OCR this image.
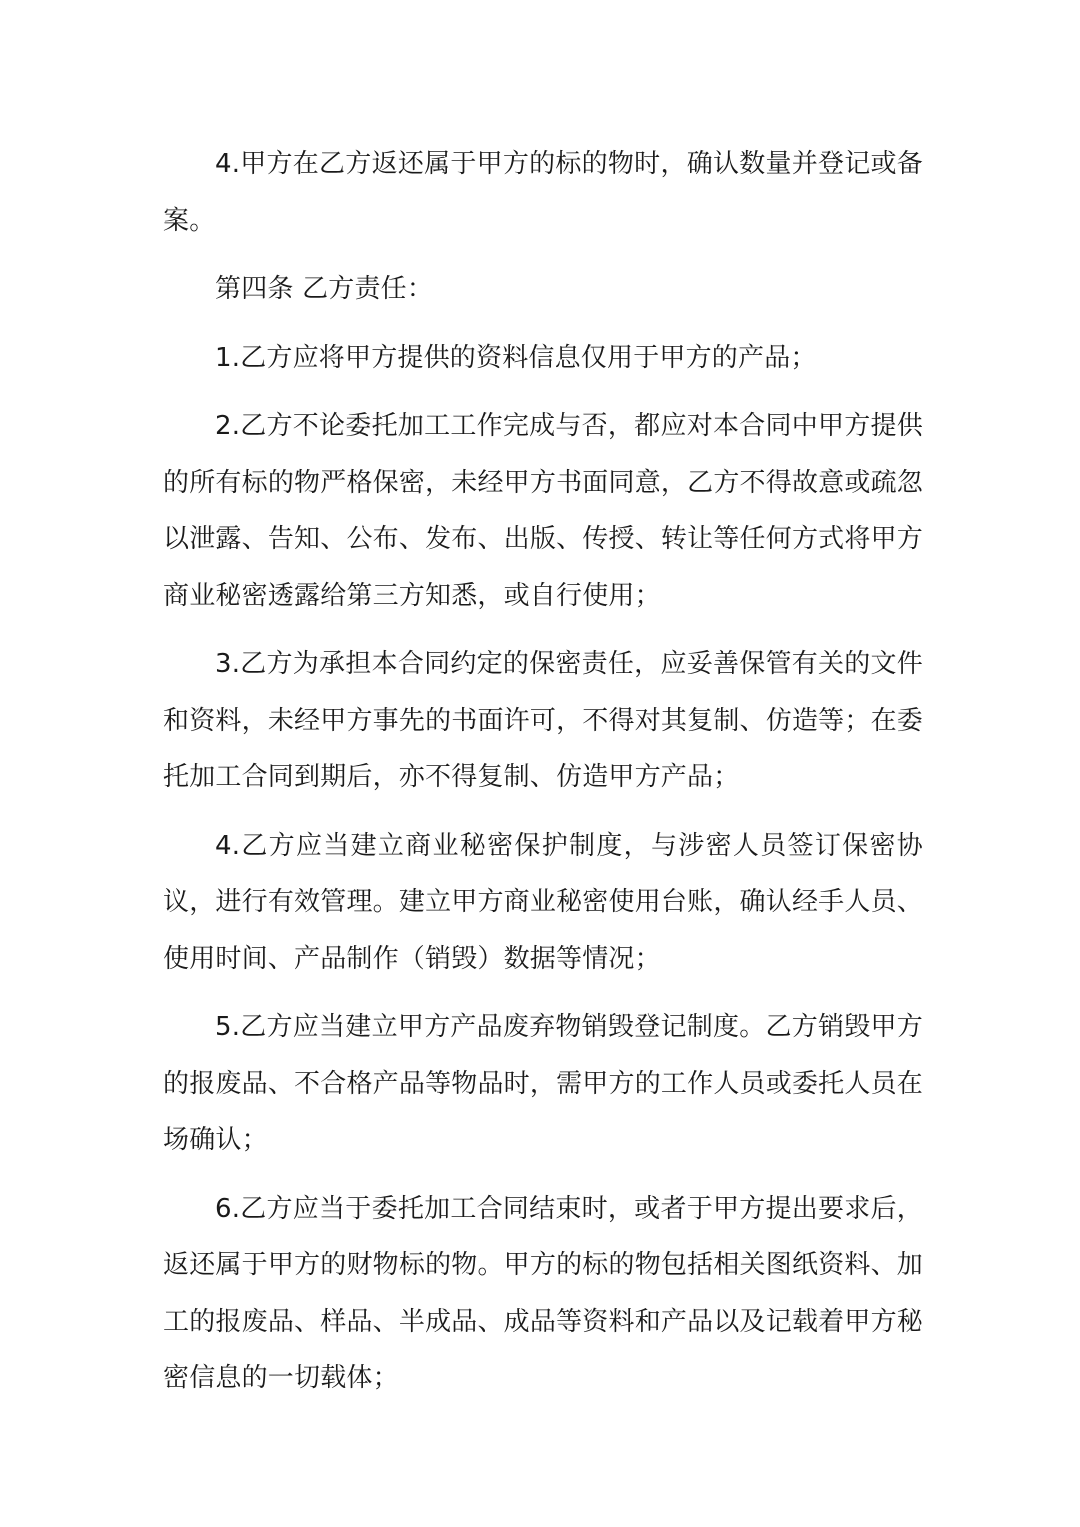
4.甲方在乙方返还属于甲方的标的物时，确认数量并登记或备案。

第四条 乙方责任：

1.乙方应将甲方提供的资料信息仅用于甲方的产品；

2.乙方不论委托加工工作完成与否，都应对本合同中甲方提供的所有标的物严格保密，未经甲方书面同意，乙方不得故意或疏忽以泄露、告知、公布、发布、出版、传授、转让等任何方式将甲方商业秘密透露给第三方知悉，或自行使用；

3.乙方为承担本合同约定的保密责任，应妥善保管有关的文件和资料，未经甲方事先的书面许可，不得对其复制、仿造等；在委托加工合同到期后，亦不得复制、仿造甲方产品；

4.乙方应当建立商业秘密保护制度，与涉密人员签订保密协议，进行有效管理。建立甲方商业秘密使用台账，确认经手人员、使用时间、产品制作（销毁）数据等情况；

5.乙方应当建立甲方产品废弃物销毁登记制度。乙方销毁甲方的报废品、不合格产品等物品时，需甲方的工作人员或委托人员在场确认；

6.乙方应当于委托加工合同结束时，或者于甲方提出要求后，返还属于甲方的财物标的物。甲方的标的物包括相关图纸资料、加工的报废品、样品、半成品、成品等资料和产品以及记载着甲方秘密信息的一切载体；
